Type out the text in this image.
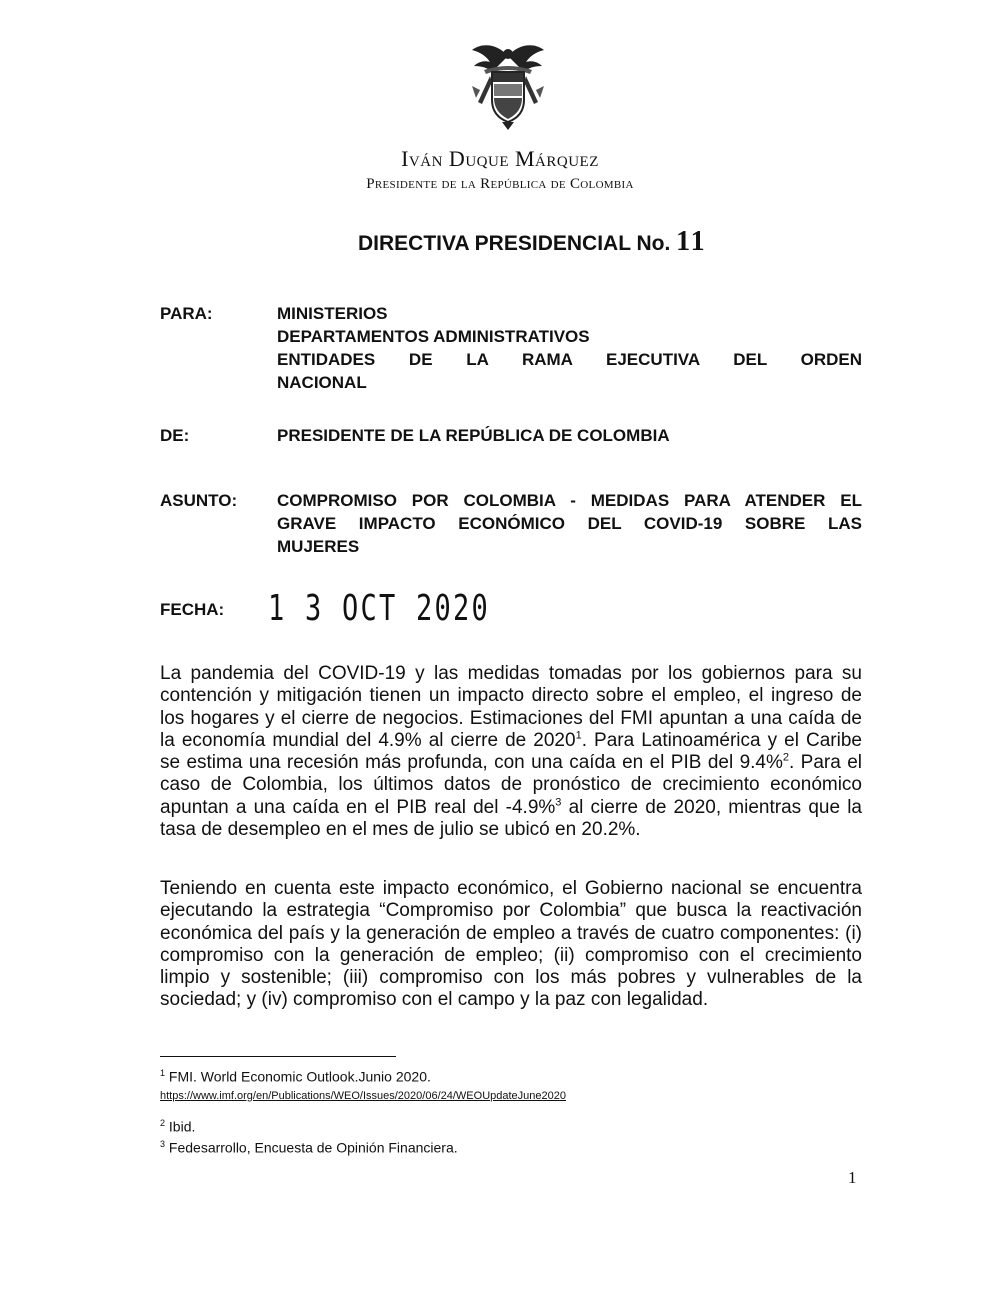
Iván Duque Márquez
Presidente de la República de Colombia
DIRECTIVA PRESIDENCIAL No. 11
PARA:	MINISTERIOS
DEPARTAMENTOS ADMINISTRATIVOS
ENTIDADES DE LA RAMA EJECUTIVA DEL ORDEN
NACIONAL
DE:	PRESIDENTE DE LA REPÚBLICA DE COLOMBIA
ASUNTO: COMPROMISO POR COLOMBIA - MEDIDAS PARA ATENDER EL
GRAVE IMPACTO ECONÓMICO DEL COVID-19 SOBRE LAS
MUJERES
FECHA: 1 3 OCT 2020
La pandemia del COVID-19 y las medidas tomadas por los gobiernos para su contención y mitigación tienen un impacto directo sobre el empleo, el ingreso de los hogares y el cierre de negocios. Estimaciones del FMI apuntan a una caída de la economía mundial del 4.9% al cierre de 2020$^1$. Para Latinoamérica y el Caribe se estima una recesión más profunda, con una caída en el PIB del 9.4%$^2$. Para el caso de Colombia, los últimos datos de pronóstico de crecimiento económico apuntan a una caída en el PIB real del -4.9%$^3$ al cierre de 2020, mientras que la tasa de desempleo en el mes de julio se ubicó en 20.2%.
Teniendo en cuenta este impacto económico, el Gobierno nacional se encuentra ejecutando la estrategia “Compromiso por Colombia” que busca la reactivación económica del país y la generación de empleo a través de cuatro componentes: (i) compromiso con la generación de empleo; (ii) compromiso con el crecimiento limpio y sostenible; (iii) compromiso con los más pobres y vulnerables de la sociedad; y (iv) compromiso con el campo y la paz con legalidad.
$^1$ FMI. World Economic Outlook.Junio 2020.
https://www.imf.org/en/Publications/WEO/Issues/2020/06/24/WEOUpdateJune2020
$^2$ Ibid.
$^3$ Fedesarrollo, Encuesta de Opinión Financiera.
1
